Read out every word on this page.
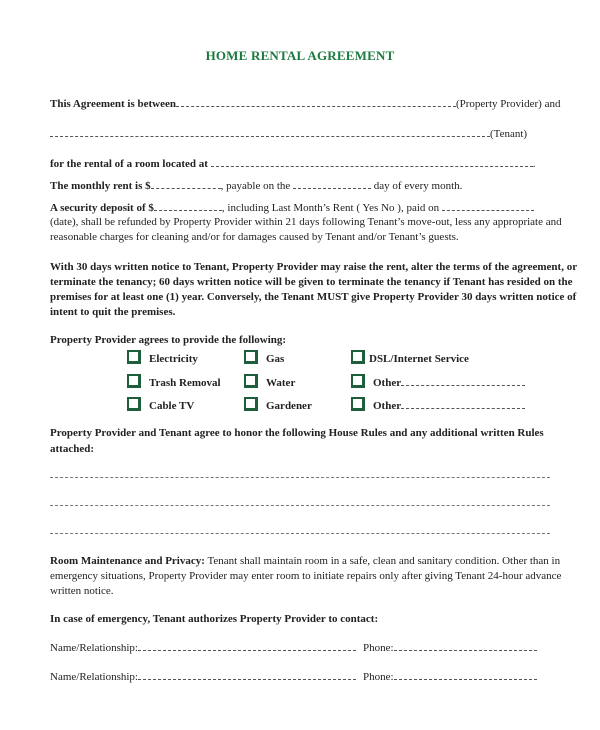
HOME RENTAL AGREEMENT
This Agreement is between	(Property Provider) and
(Tenant)
for the rental of a room located at	.
The monthly rent is $	, payable on the	day of every month.
A security deposit of $	, including Last Month’s Rent ( Yes No ), paid on
(date), shall be refunded by Property Provider within 21 days following Tenant’s move-out, less any appropriate and
reasonable charges for cleaning and/or for damages caused by Tenant and/or Tenant’s guests.
With 30 days written notice to Tenant, Property Provider may raise the rent, alter the terms of the agreement, or
terminate the tenancy; 60 days written notice will be given to terminate the tenancy if Tenant has resided on the
premises for at least one (1) year. Conversely, the Tenant MUST give Property Provider 30 days written notice of
intent to quit the premises.
Property Provider agrees to provide the following:
Electricity	Gas	DSL/Internet Service
Trash Removal	Water	Other
Cable TV	Gardener	Other
Property Provider and Tenant agree to honor the following House Rules and any additional written Rules
attached:
Room Maintenance and Privacy: Tenant shall maintain room in a safe, clean and sanitary condition. Other than in
emergency situations, Property Provider may enter room to initiate repairs only after giving Tenant 24-hour advance
written notice.
In case of emergency, Tenant authorizes Property Provider to contact:
Name/Relationship:	Phone:
Name/Relationship:	Phone:
